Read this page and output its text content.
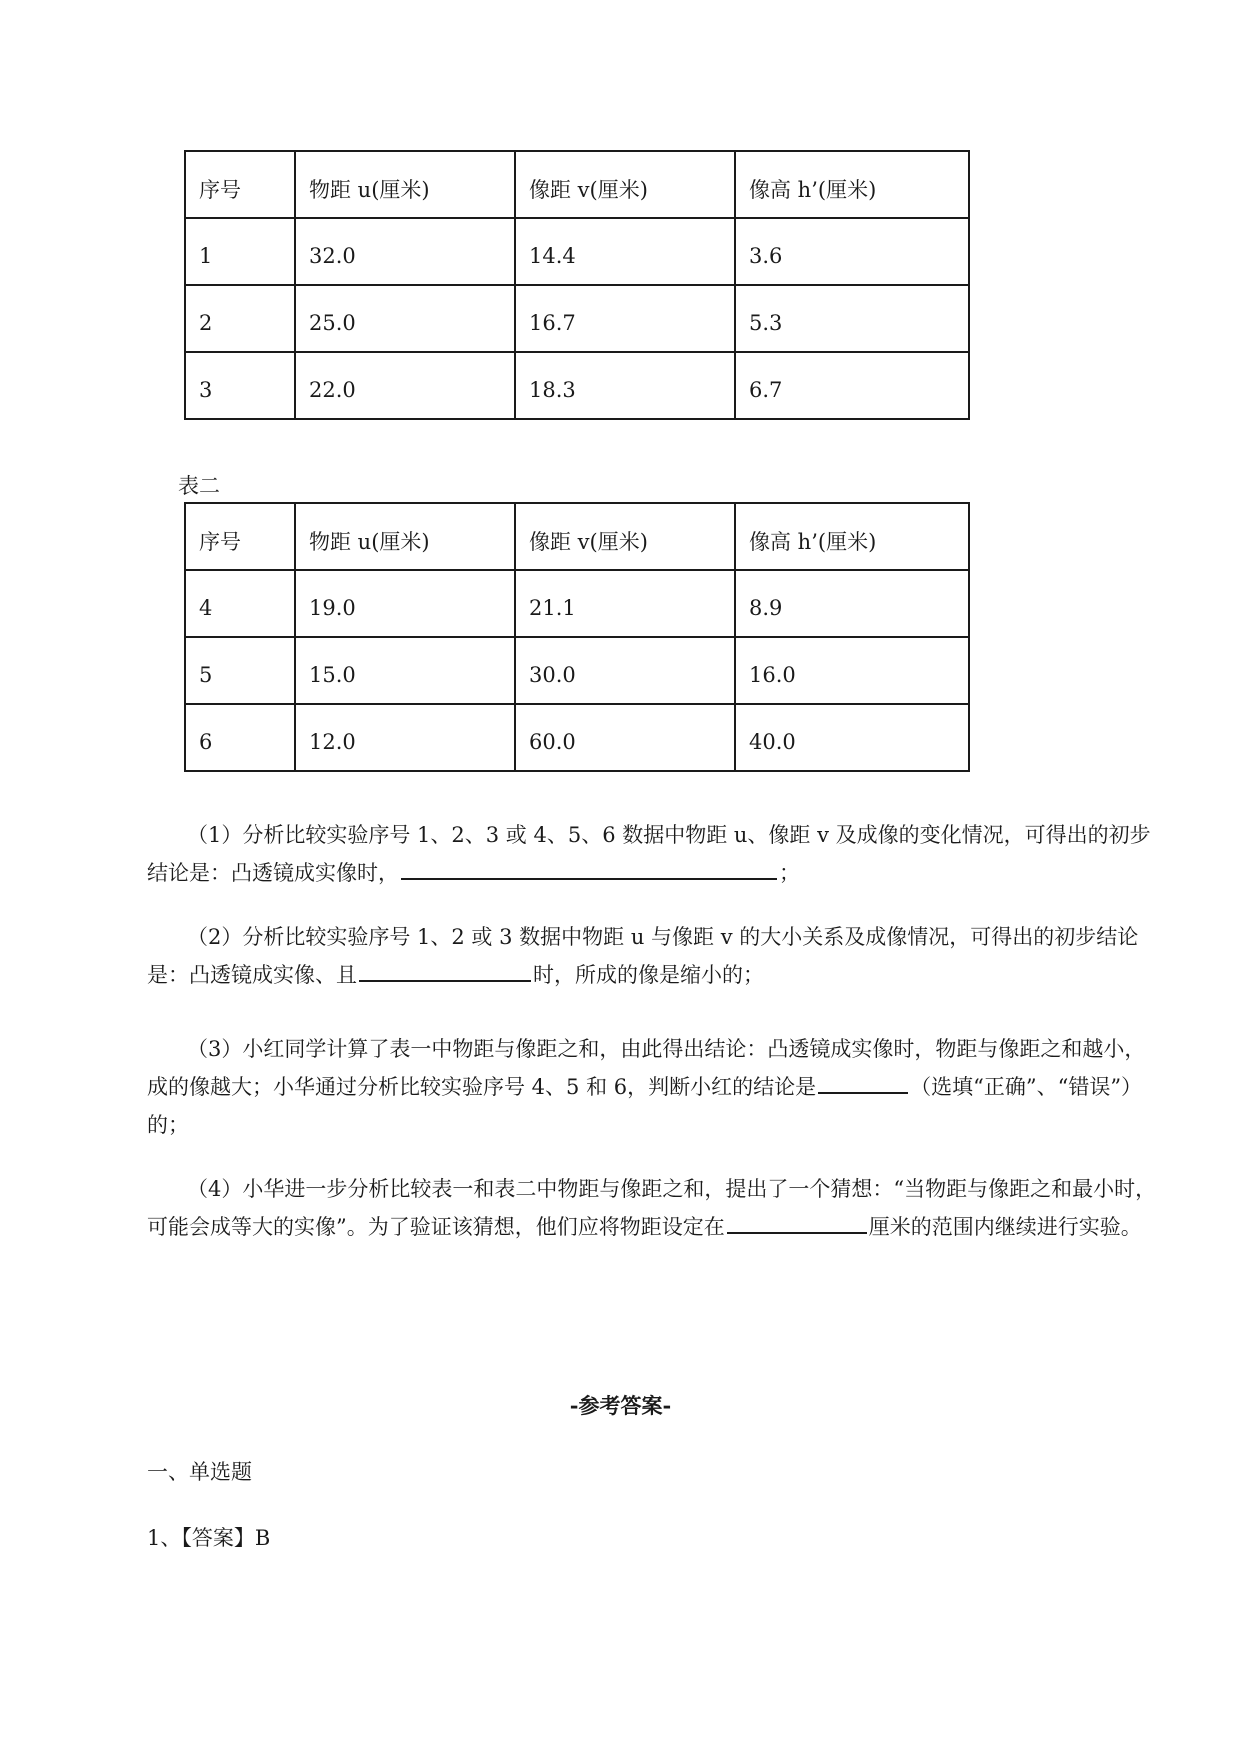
序号	物距 u(厘米)	像距 v(厘米)	像高 h’(厘米)
1	32.0	14.4	3.6
2	25.0	16.7	5.3
3	22.0	18.3	6.7
表二
序号	物距 u(厘米)	像距 v(厘米)	像高 h’(厘米)
4	19.0	21.1	8.9
5	15.0	30.0	16.0
6	12.0	60.0	40.0
（1）分析比较实验序号 1、2、3 或 4、5、6 数据中物距 u、像距 v 及成像的变化情况，可得出的初步结论是：凸透镜成实像时，	；
（2）分析比较实验序号 1、2 或 3 数据中物距 u 与像距 v 的大小关系及成像情况，可得出的初步结论是：凸透镜成实像、且	时，所成的像是缩小的；
（3）小红同学计算了表一中物距与像距之和，由此得出结论：凸透镜成实像时，物距与像距之和越小，成的像越大；小华通过分析比较实验序号 4、5 和 6，判断小红的结论是	（选填“正确”、“错误”）的；
（4）小华进一步分析比较表一和表二中物距与像距之和，提出了一个猜想：“当物距与像距之和最小时，可能会成等大的实像”。为了验证该猜想，他们应将物距设定在	厘米的范围内继续进行实验。
-参考答案-
一、单选题
1、【答案】B
